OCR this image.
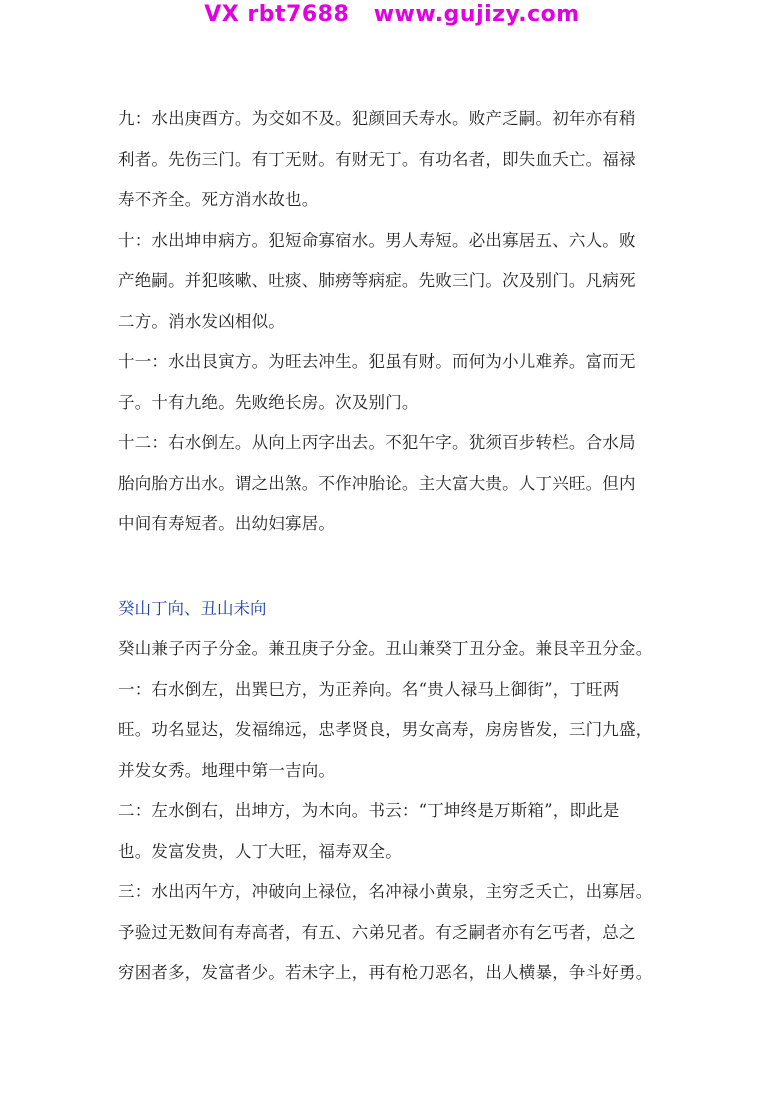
VX rbt7688   www.gujizy.com
九：水出庚酉方。为交如不及。犯颜回夭寿水。败产乏嗣。初年亦有稍
利者。先伤三门。有丁无财。有财无丁。有功名者，即失血夭亡。福禄
寿不齐全。死方消水故也。
十：水出坤申病方。犯短命寡宿水。男人寿短。必出寡居五、六人。败
产绝嗣。并犯咳嗽、吐痰、肺痨等病症。先败三门。次及别门。凡病死
二方。消水发凶相似。
十一：水出艮寅方。为旺去冲生。犯虽有财。而何为小儿难养。富而无
子。十有九绝。先败绝长房。次及别门。
十二：右水倒左。从向上丙字出去。不犯午字。犹须百步转栏。合水局
胎向胎方出水。谓之出煞。不作冲胎论。主大富大贵。人丁兴旺。但内
中间有寿短者。出幼妇寡居。
癸山丁向、丑山未向
癸山兼子丙子分金。兼丑庚子分金。丑山兼癸丁丑分金。兼艮辛丑分金。
一：右水倒左，出巽巳方，为正养向。名“贵人禄马上御街”，丁旺两
旺。功名显达，发福绵远，忠孝贤良，男女高寿，房房皆发，三门九盛，
并发女秀。地理中第一吉向。
二：左水倒右，出坤方，为木向。书云：“丁坤终是万斯箱”，即此是
也。发富发贵，人丁大旺，福寿双全。
三：水出丙午方，冲破向上禄位，名冲禄小黄泉，主穷乏夭亡，出寡居。
予验过无数间有寿高者，有五、六弟兄者。有乏嗣者亦有乞丐者，总之
穷困者多，发富者少。若未字上，再有枪刀恶名，出人横暴，争斗好勇。
